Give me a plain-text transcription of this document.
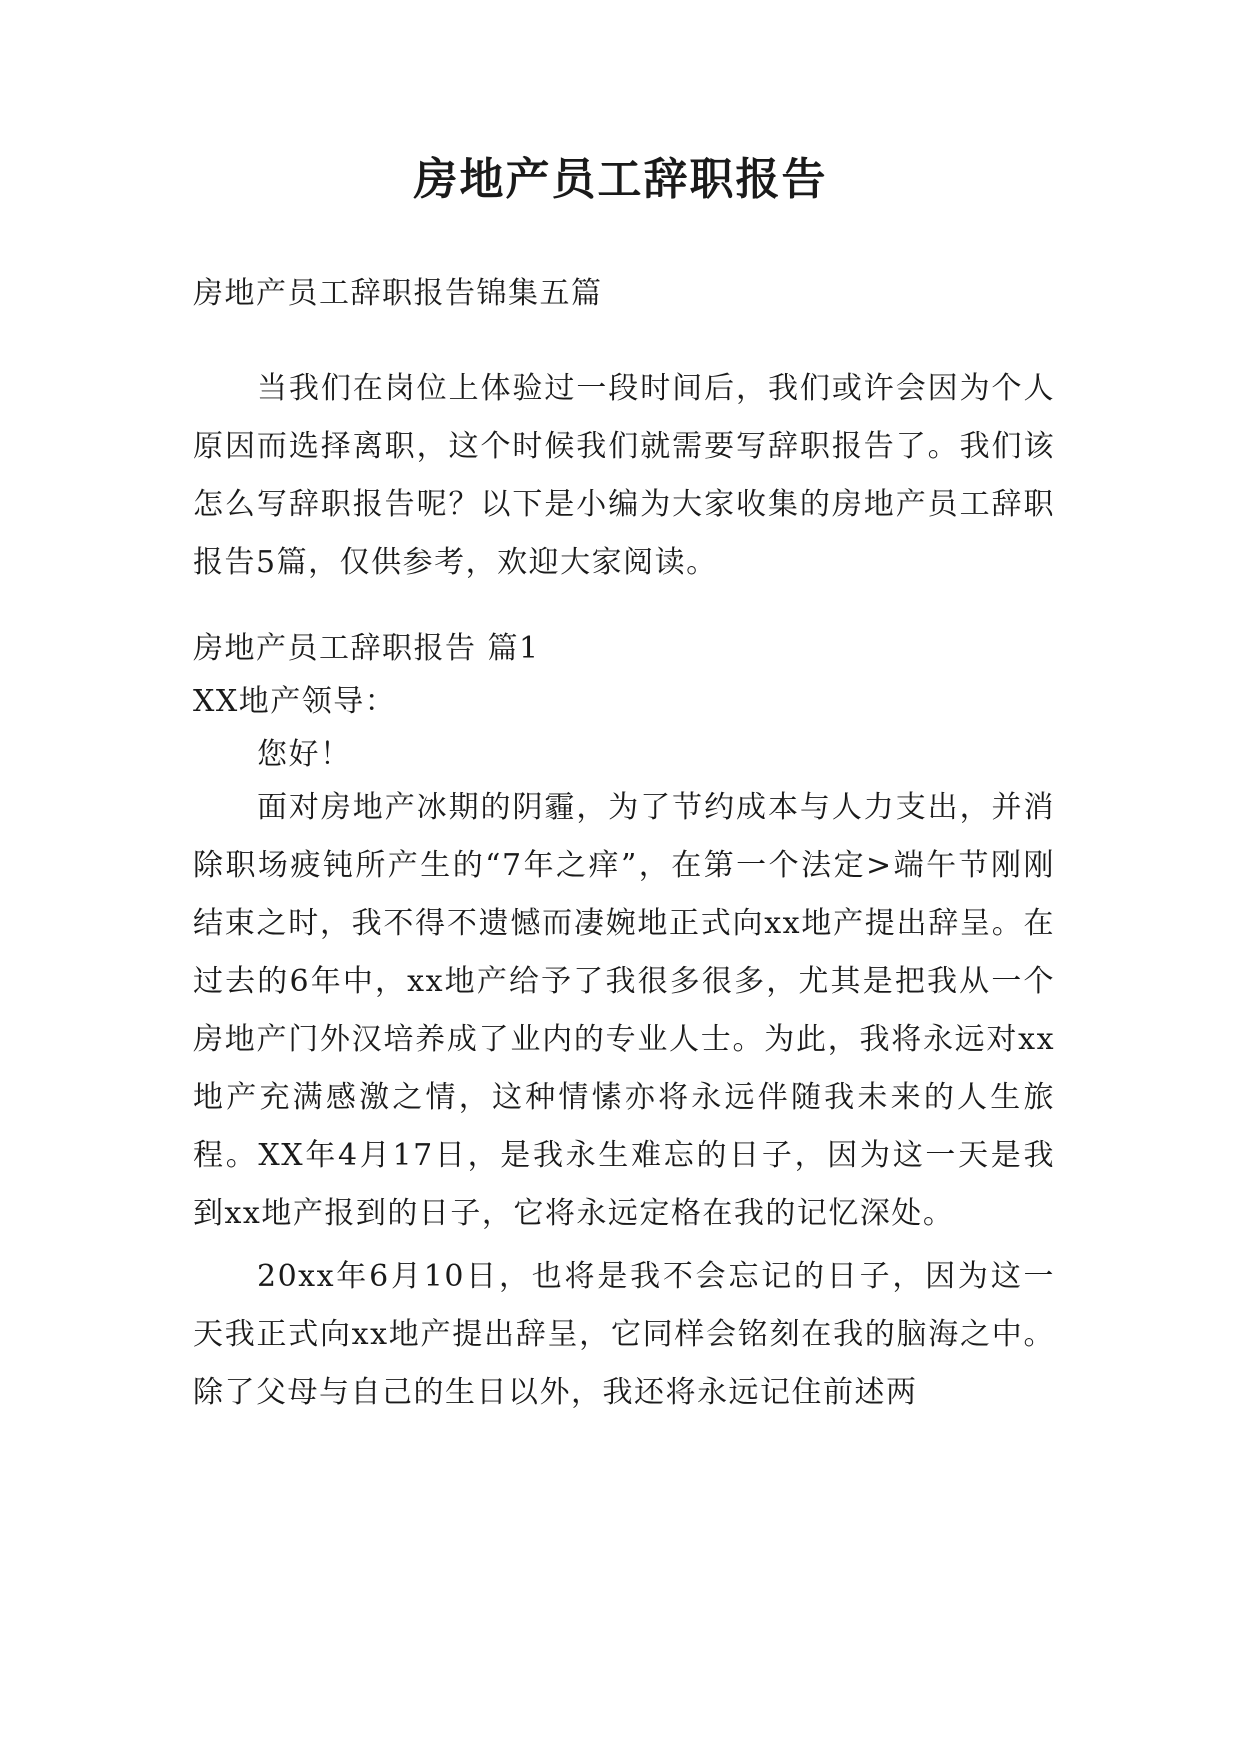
房地产员工辞职报告

房地产员工辞职报告锦集五篇

当我们在岗位上体验过一段时间后，我们或许会因为个人原因而选择离职，这个时候我们就需要写辞职报告了。我们该怎么写辞职报告呢？以下是小编为大家收集的房地产员工辞职报告5篇，仅供参考，欢迎大家阅读。

房地产员工辞职报告 篇1

XX地产领导：

您好！

面对房地产冰期的阴霾，为了节约成本与人力支出，并消除职场疲钝所产生的“7年之痒”，在第一个法定>端午节刚刚结束之时，我不得不遗憾而凄婉地正式向xx地产提出辞呈。在过去的6年中，xx地产给予了我很多很多，尤其是把我从一个房地产门外汉培养成了业内的专业人士。为此，我将永远对xx地产充满感激之情，这种情愫亦将永远伴随我未来的人生旅程。XX年4月17日，是我永生难忘的日子，因为这一天是我到xx地产报到的日子，它将永远定格在我的记忆深处。

20xx年6月10日，也将是我不会忘记的日子，因为这一天我正式向xx地产提出辞呈，它同样会铭刻在我的脑海之中。除了父母与自己的生日以外，我还将永远记住前述两
